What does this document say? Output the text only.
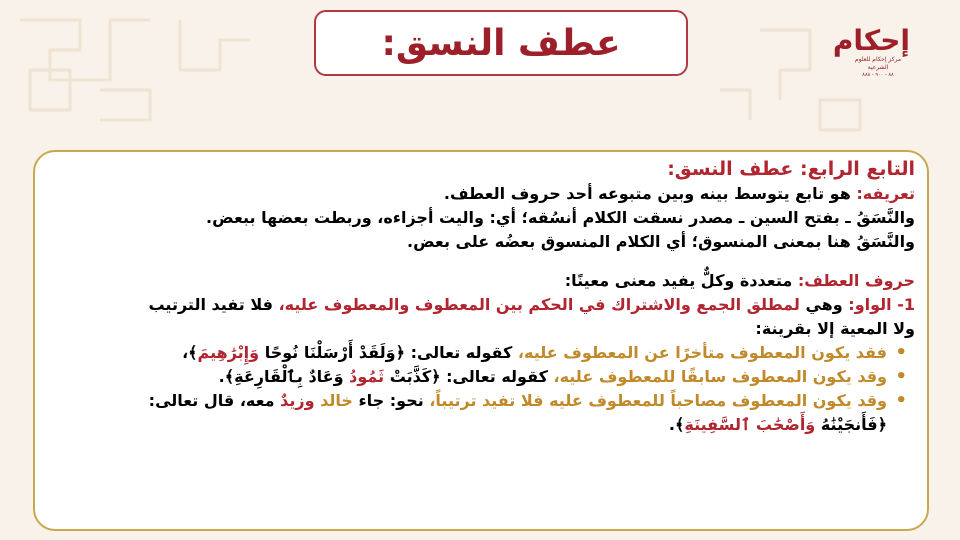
عطف النسق:	إحكام
مركز إحكام للعلوم الشرعية
٨٨ - ٩٠٠ - ٨٨٨
التابع الرابع: عطف النسق:
تعريفه: هو تابع يتوسط بينه وبين متبوعه أحد حروف العطف.
والنَّسَقُ ـ بفتح السين ـ مصدر نسقت الكلام أنسُقه؛ أي: واليت أجزاءه، وربطت بعضها ببعض.
والنَّسَقُ هنا بمعنى المنسوق؛ أي الكلام المنسوق بعضُه على بعض.
حروف العطف: متعددة وكلٌّ يفيد معنى معينًا:
1- الواو: وهي لمطلق الجمع والاشتراك في الحكم بين المعطوف والمعطوف عليه، فلا تفيد الترتيب
ولا المعية إلا بقرينة:
•
فقد يكون المعطوف متأخرًا عن المعطوف عليه، كقوله تعالى: ﴿وَلَقَدْ أَرْسَلْنَا نُوحًا وَإِبْرَٰهِيمَ﴾،
•
وقد يكون المعطوف سابقًا للمعطوف عليه، كقوله تعالى: ﴿كَذَّبَتْ ثَمُودُ وَعَادٌ بِٱلْقَارِعَةِ﴾.
•
وقد يكون المعطوف مصاحباً للمعطوف عليه فلا تفيد ترتيباً، نحو: جاء خالد وزيدٌ معه، قال تعالى:
﴿فَأَنجَيْنَٰهُ وَأَصْحَٰبَ ٱلسَّفِينَةِ﴾.
